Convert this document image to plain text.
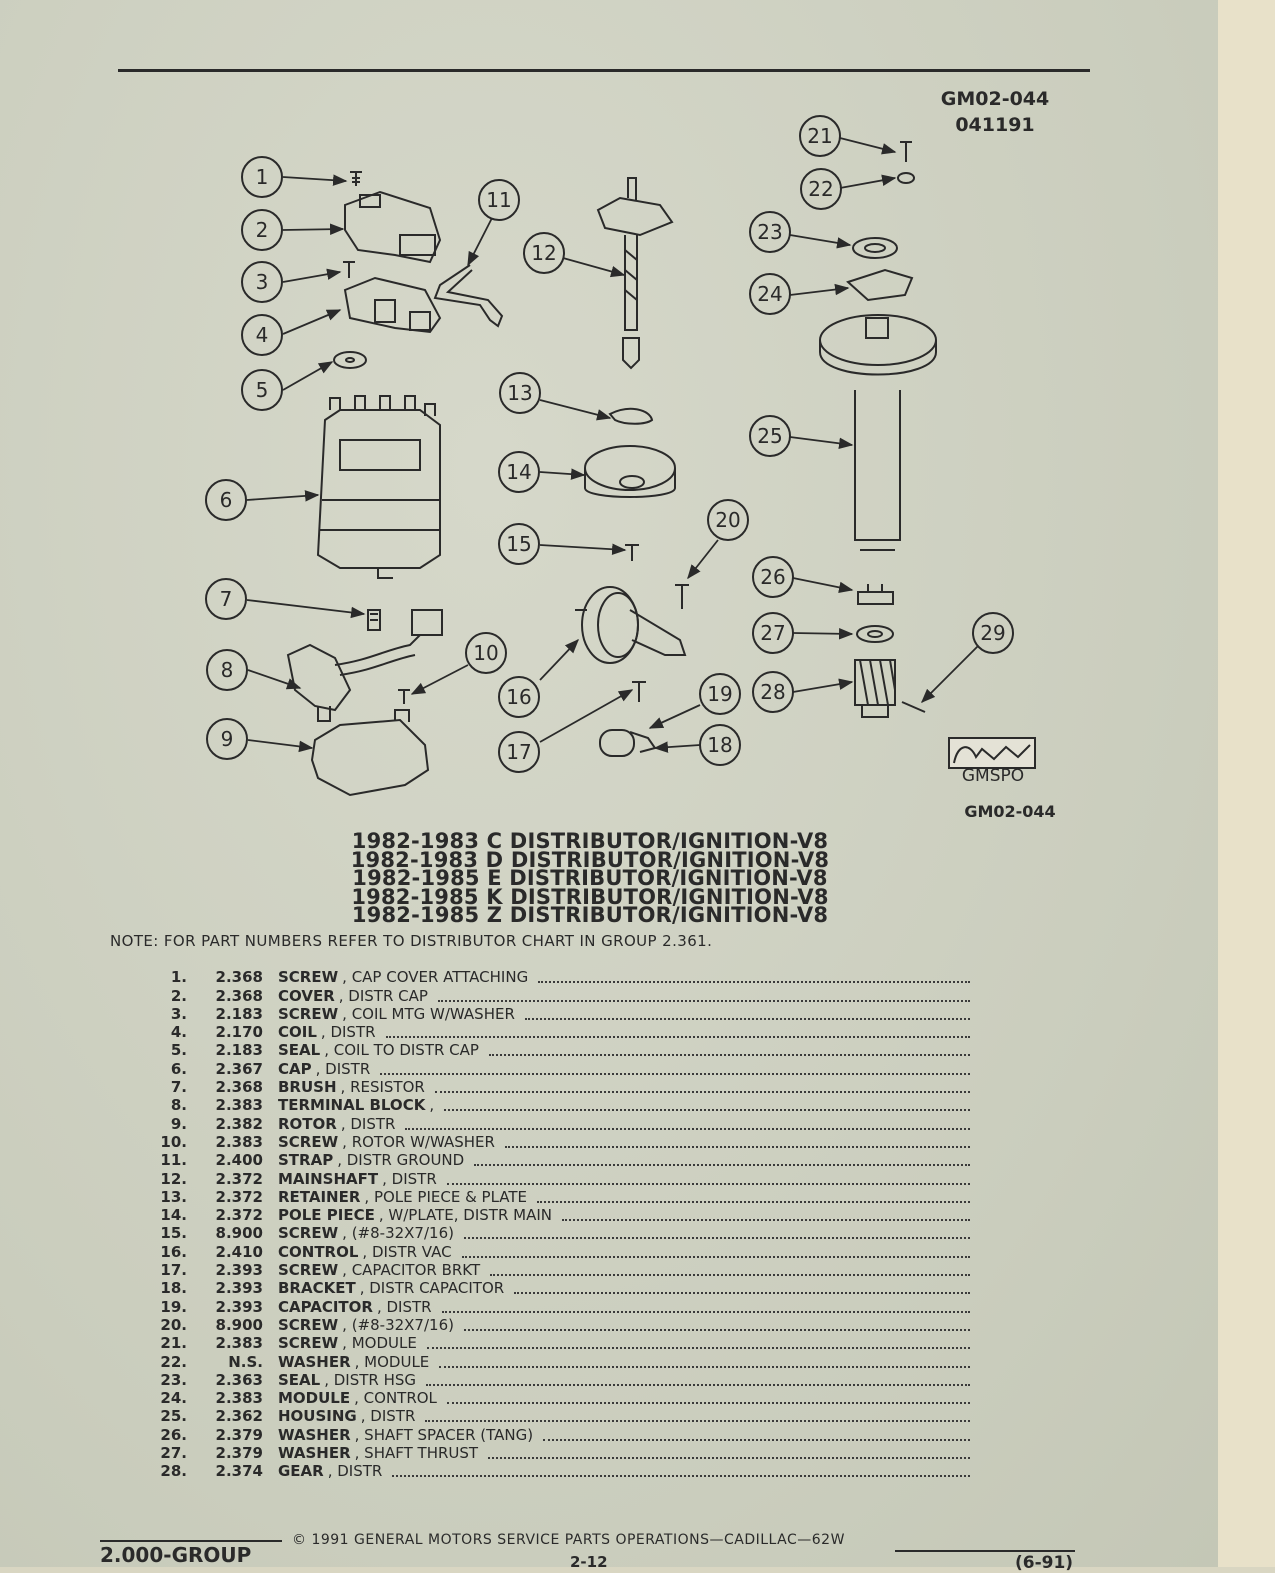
GM02-044
041191
1
2
3
4
5
6
7
8
9
10
11
12
13
14
15
16
17	18
19
20
21
22
23
24
25
26
27
28
29
GMSPO
GM02-044
1982-1983 C DISTRIBUTOR/IGNITION-V8
1982-1983 D DISTRIBUTOR/IGNITION-V8
1982-1985 E DISTRIBUTOR/IGNITION-V8
1982-1985 K DISTRIBUTOR/IGNITION-V8
1982-1985 Z DISTRIBUTOR/IGNITION-V8
NOTE: FOR PART NUMBERS REFER TO DISTRIBUTOR CHART IN GROUP 2.361.
1.	2.368 SCREW , CAP COVER ATTACHING
2.	2.368 COVER , DISTR CAP
3.	2.183 SCREW , COIL MTG W/WASHER
4.	2.170 COIL , DISTR
5.	2.183 SEAL , COIL TO DISTR CAP
6.	2.367 CAP , DISTR
7.	2.368 BRUSH , RESISTOR
8.	2.383 TERMINAL BLOCK ,
9.	2.382 ROTOR , DISTR
10.	2.383 SCREW , ROTOR W/WASHER
11.	2.400 STRAP , DISTR GROUND
12.	2.372 MAINSHAFT , DISTR
13.	2.372 RETAINER , POLE PIECE & PLATE
14.	2.372 POLE PIECE , W/PLATE, DISTR MAIN
15.	8.900 SCREW , (#8-32X7/16)
16.	2.410 CONTROL , DISTR VAC
17.	2.393 SCREW , CAPACITOR BRKT
18.	2.393 BRACKET , DISTR CAPACITOR
19.	2.393 CAPACITOR , DISTR
20.	8.900 SCREW , (#8-32X7/16)
21.	2.383 SCREW , MODULE
22.	N.S. WASHER , MODULE
23.	2.363 SEAL , DISTR HSG
24.	2.383 MODULE , CONTROL
25.	2.362 HOUSING , DISTR
26.	2.379 WASHER , SHAFT SPACER (TANG)
27.	2.379 WASHER , SHAFT THRUST
28.	2.374 GEAR , DISTR
© 1991 GENERAL MOTORS SERVICE PARTS OPERATIONS—CADILLAC—62W
2.000-GROUP	2-12	(6-91)
